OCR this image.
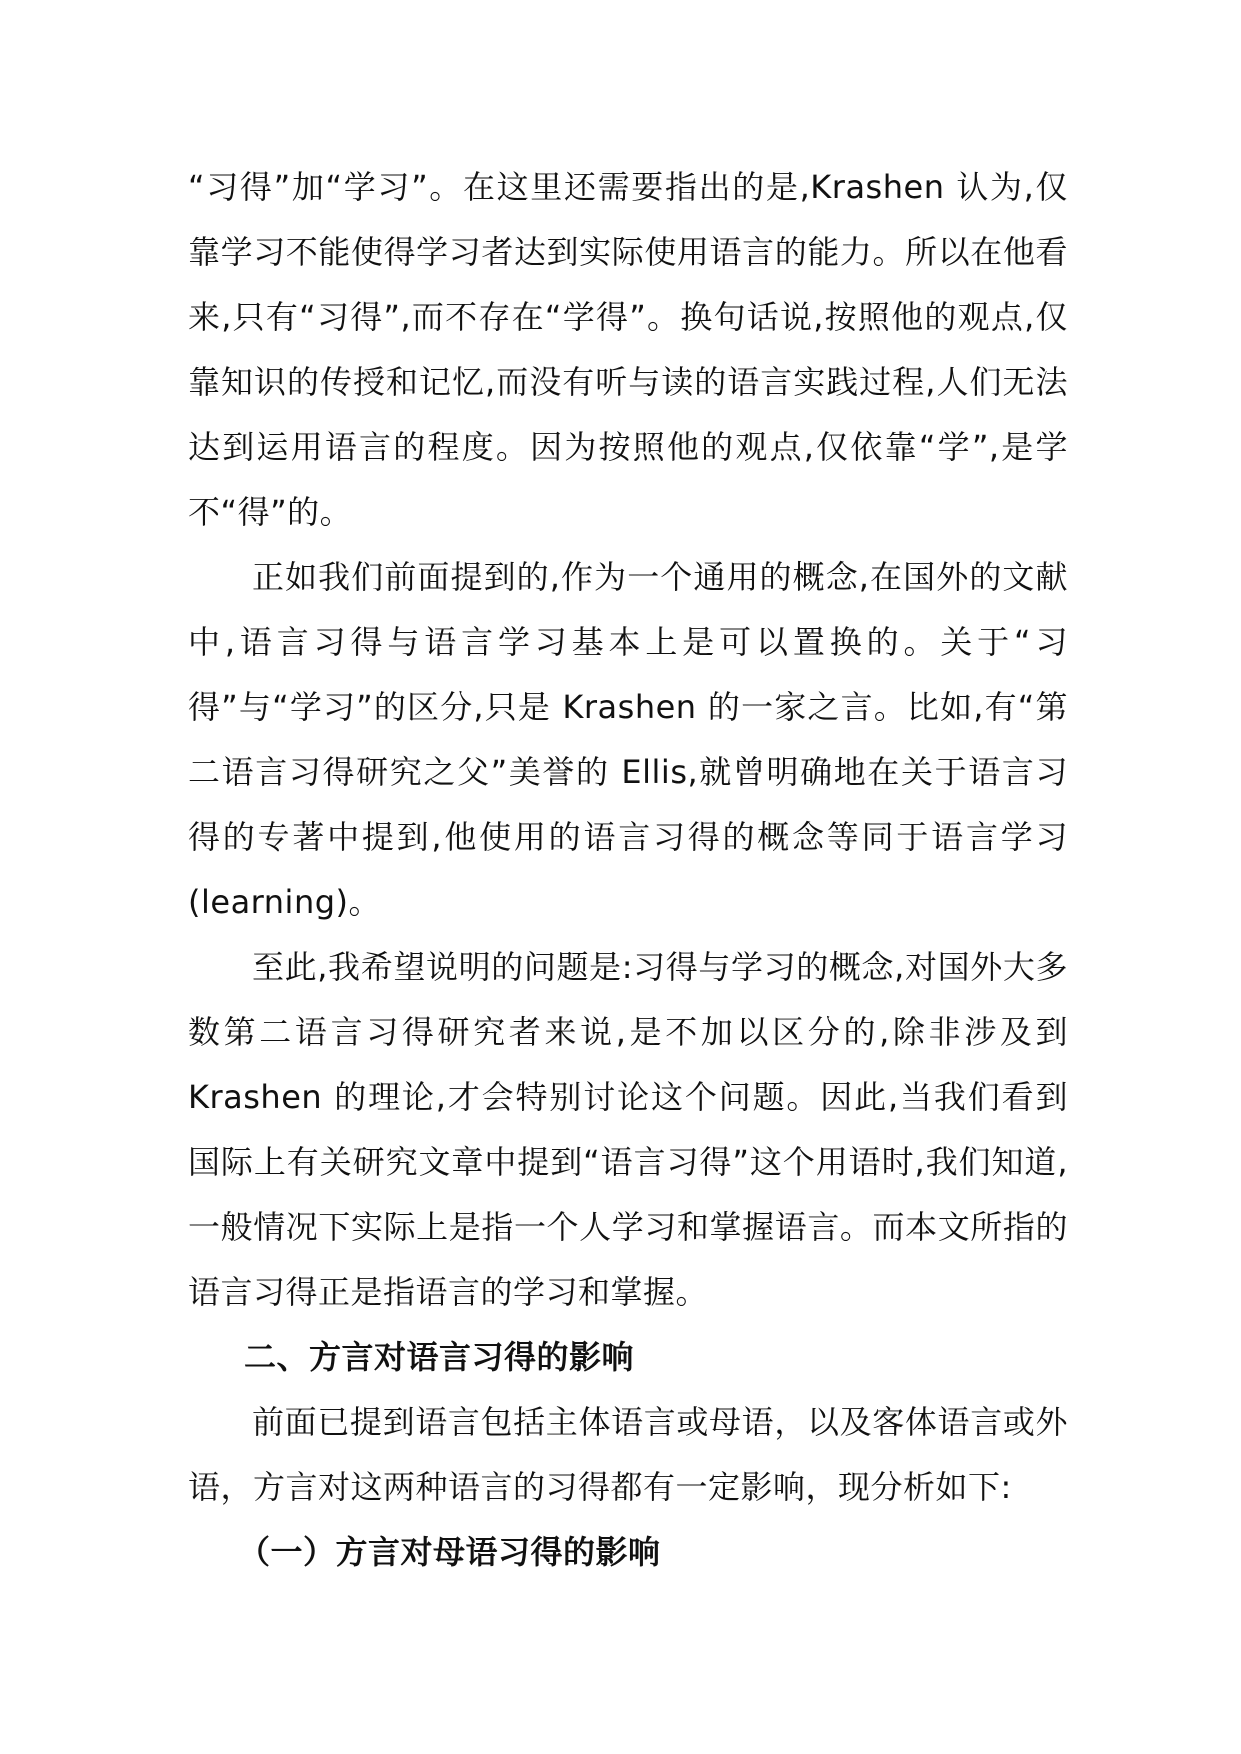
“习得”加“学习”。在这里还需要指出的是,Krashen 认为,仅靠学习不能使得学习者达到实际使用语言的能力。所以在他看来,只有“习得”,而不存在“学得”。换句话说,按照他的观点,仅靠知识的传授和记忆,而没有听与读的语言实践过程,人们无法达到运用语言的程度。因为按照他的观点,仅依靠“学”,是学不“得”的。

正如我们前面提到的,作为一个通用的概念,在国外的文献中,语言习得与语言学习基本上是可以置换的。关于“习得”与“学习”的区分,只是 Krashen 的一家之言。比如,有“第二语言习得研究之父”美誉的 Ellis,就曾明确地在关于语言习得的专著中提到,他使用的语言习得的概念等同于语言学习(learning)。

至此,我希望说明的问题是:习得与学习的概念,对国外大多数第二语言习得研究者来说,是不加以区分的,除非涉及到 Krashen 的理论,才会特别讨论这个问题。因此,当我们看到国际上有关研究文章中提到“语言习得”这个用语时,我们知道,一般情况下实际上是指一个人学习和掌握语言。而本文所指的语言习得正是指语言的学习和掌握。

二、方言对语言习得的影响

前面已提到语言包括主体语言或母语，以及客体语言或外语，方言对这两种语言的习得都有一定影响，现分析如下:

（一）方言对母语习得的影响
